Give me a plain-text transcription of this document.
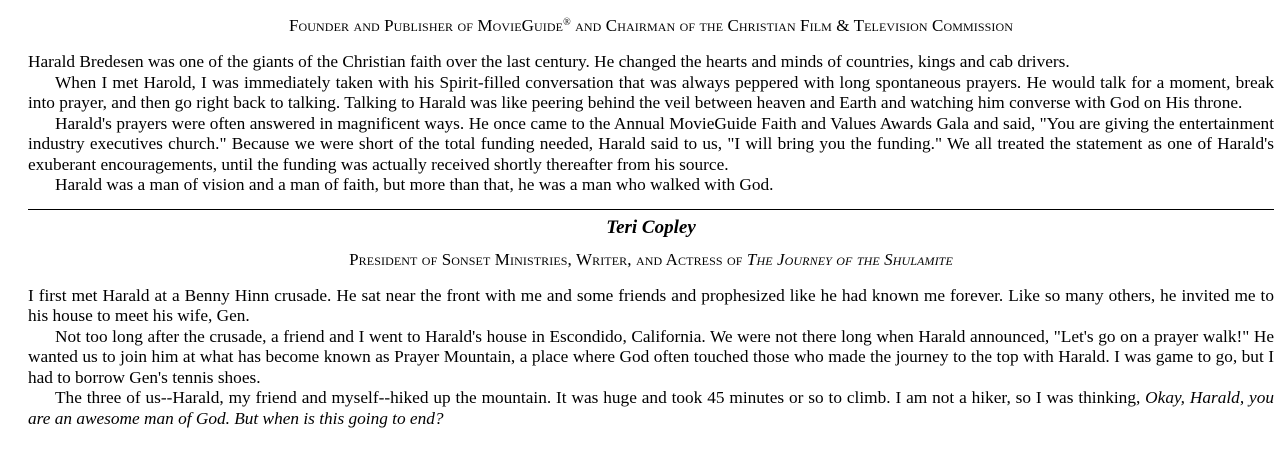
Founder and Publisher of MovieGuide® and Chairman of the Christian Film & Television Commission

Harald Bredesen was one of the giants of the Christian faith over the last century. He changed the hearts and minds of countries, kings and cab drivers.

When I met Harold, I was immediately taken with his Spirit-filled conversation that was always peppered with long spontaneous prayers. He would talk for a moment, break into prayer, and then go right back to talking. Talking to Harald was like peering behind the veil between heaven and Earth and watching him converse with God on His throne.

Harald's prayers were often answered in magnificent ways. He once came to the Annual MovieGuide Faith and Values Awards Gala and said, "You are giving the entertainment industry executives church." Because we were short of the total funding needed, Harald said to us, "I will bring you the funding." We all treated the statement as one of Harald's exuberant encouragements, until the funding was actually received shortly thereafter from his source.

Harald was a man of vision and a man of faith, but more than that, he was a man who walked with God.

Teri Copley

President of Sonset Ministries, Writer, and Actress of The Journey of the Shulamite

I first met Harald at a Benny Hinn crusade. He sat near the front with me and some friends and prophesized like he had known me forever. Like so many others, he invited me to his house to meet his wife, Gen.

Not too long after the crusade, a friend and I went to Harald's house in Escondido, California. We were not there long when Harald announced, "Let's go on a prayer walk!" He wanted us to join him at what has become known as Prayer Mountain, a place where God often touched those who made the journey to the top with Harald. I was game to go, but I had to borrow Gen's tennis shoes.

The three of us--Harald, my friend and myself--hiked up the mountain. It was huge and took 45 minutes or so to climb. I am not a hiker, so I was thinking, Okay, Harald, you are an awesome man of God. But when is this going to end?
